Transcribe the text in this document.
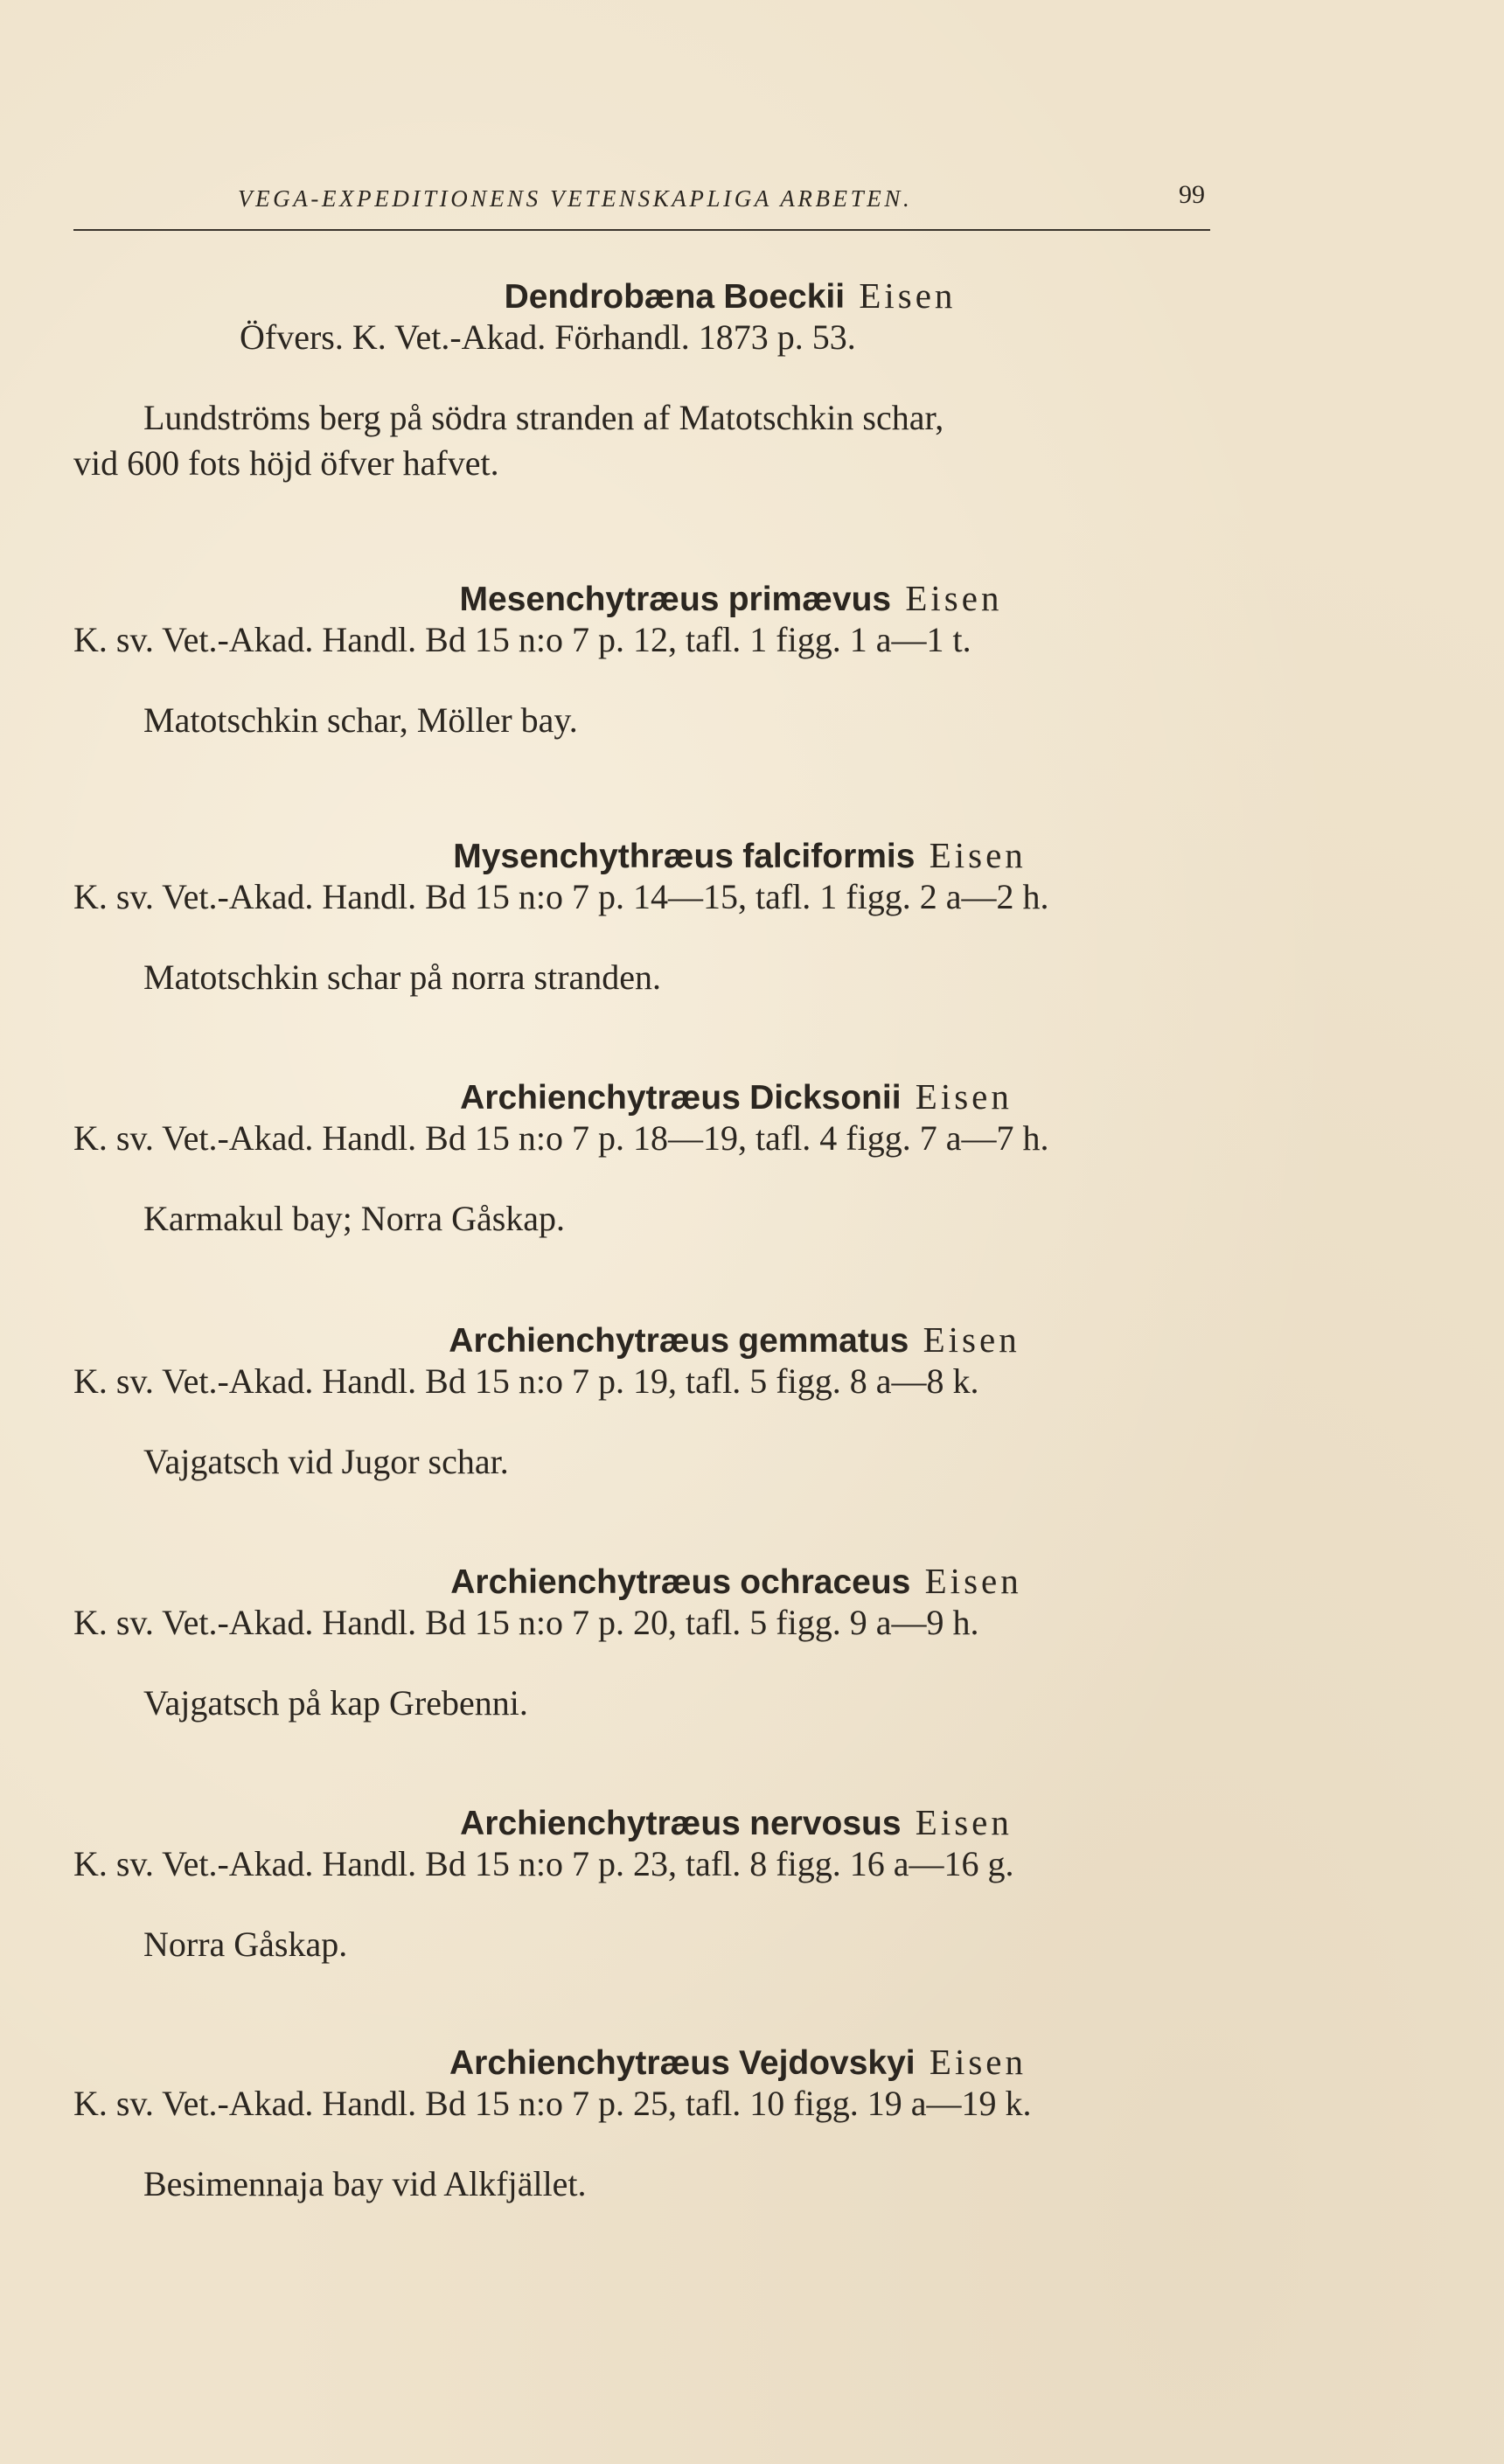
VEGA-EXPEDITIONENS VETENSKAPLIGA ARBETEN.	99
Dendrobæna Boeckii Eisen
Öfvers. K. Vet.-Akad. Förhandl. 1873 p. 53.
Lundströms berg på södra stranden af Matotschkin schar,
vid 600 fots höjd öfver hafvet.
Mesenchytræus primævus Eisen
K. sv. Vet.-Akad. Handl. Bd 15 n:o 7 p. 12, tafl. 1 figg. 1 a—1 t.
Matotschkin schar, Möller bay.
Mysenchythræus falciformis Eisen
K. sv. Vet.-Akad. Handl. Bd 15 n:o 7 p. 14—15, tafl. 1 figg. 2 a—2 h.
Matotschkin schar på norra stranden.
Archienchytræus Dicksonii Eisen
K. sv. Vet.-Akad. Handl. Bd 15 n:o 7 p. 18—19, tafl. 4 figg. 7 a—7 h.
Karmakul bay; Norra Gåskap.
Archienchytræus gemmatus Eisen
K. sv. Vet.-Akad. Handl. Bd 15 n:o 7 p. 19, tafl. 5 figg. 8 a—8 k.
Vajgatsch vid Jugor schar.
Archienchytræus ochraceus Eisen
K. sv. Vet.-Akad. Handl. Bd 15 n:o 7 p. 20, tafl. 5 figg. 9 a—9 h.
Vajgatsch på kap Grebenni.
Archienchytræus nervosus Eisen
K. sv. Vet.-Akad. Handl. Bd 15 n:o 7 p. 23, tafl. 8 figg. 16 a—16 g.
Norra Gåskap.
Archienchytræus Vejdovskyi Eisen
K. sv. Vet.-Akad. Handl. Bd 15 n:o 7 p. 25, tafl. 10 figg. 19 a—19 k.
Besimennaja bay vid Alkfjället.
